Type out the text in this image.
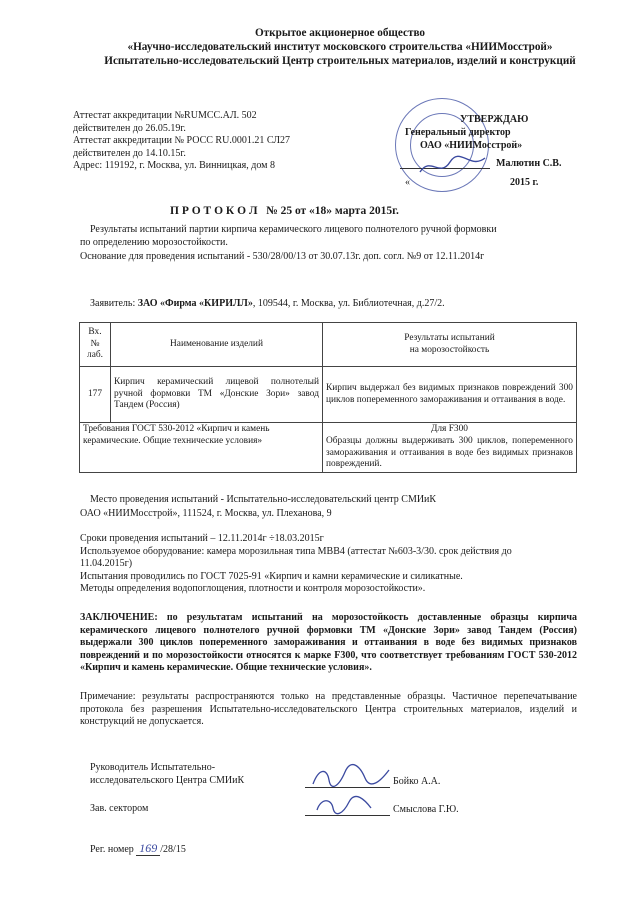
Открытое акционерное общество
«Научно-исследовательский институт московского строительства «НИИМосстрой»
Испытательно-исследовательский Центр строительных материалов, изделий и конструкций
Аттестат аккредитации №RUМСС.АЛ. 502
действителен до 26.05.19г.
Аттестат аккредитации № РОСС RU.0001.21 СЛ27
действителен до 14.10.15г.
Адрес: 119192, г. Москва, ул. Винницкая, дом 8
УТВЕРЖДАЮ
Генеральный директор
ОАО «НИИМосстрой»
Малютин С.В.
«	2015 г.
П Р О Т О К О Л   № 25 от «18» марта 2015г.
Результаты испытаний партии кирпича керамического лицевого полнотелого ручной формовки
по определению морозостойкости.
Основание для проведения испытаний - 530/28/00/13 от 30.07.13г. доп. согл. №9 от 12.11.2014г
Заявитель: ЗАО «Фирма «КИРИЛЛ», 109544, г. Москва, ул. Библиотечная, д.27/2.
Вх. № лаб.	Наименование изделий	Результаты испытаний
на морозостойкость

177	Кирпич керамический лицевой полнотелый ручной формовки ТМ «Донские Зори» завод Тандем (Россия)	Кирпич выдержал без видимых признаков повреждений 300 циклов попеременного замораживания и оттаивания в воде.
Требования ГОСТ 530-2012 «Кирпич и камень керамические. Общие технические условия»		Для F300
Образцы должны выдерживать 300 циклов, попеременного замораживания и оттаивания в воде без видимых признаков повреждений.
Место проведения испытаний - Испытательно-исследовательский центр СМИиК
ОАО «НИИМосстрой», 111524, г. Москва, ул. Плеханова, 9
Сроки проведения испытаний – 12.11.2014г ÷18.03.2015г
Используемое оборудование: камера морозильная типа МВВ4 (аттестат №603-3/30. срок действия до
11.04.2015г)
Испытания проводились по ГОСТ 7025-91 «Кирпич и камни керамические и силикатные.
Методы определения водопоглощения, плотности и контроля морозостойкости».
ЗАКЛЮЧЕНИЕ: по результатам испытаний на морозостойкость доставленные образцы кирпича керамического лицевого полнотелого ручной формовки ТМ «Донские Зори» завод Тандем (Россия) выдержали 300 циклов попеременного замораживания и оттаивания в воде без видимых признаков повреждений и по морозостойкости относятся к марке F300, что соответствует требованиям ГОСТ 530-2012 «Кирпич и камень керамические. Общие технические условия».
Примечание: результаты распространяются только на представленные образцы. Частичное перепечатывание протокола без разрешения Испытательно-исследовательского Центра строительных материалов, изделий и конструкций не допускается.
Руководитель Испытательно-
исследовательского Центра СМИиК	Бойко А.А.
Зав. сектором	Смыслова Г.Ю.
Рег. номер 169 /28/15
